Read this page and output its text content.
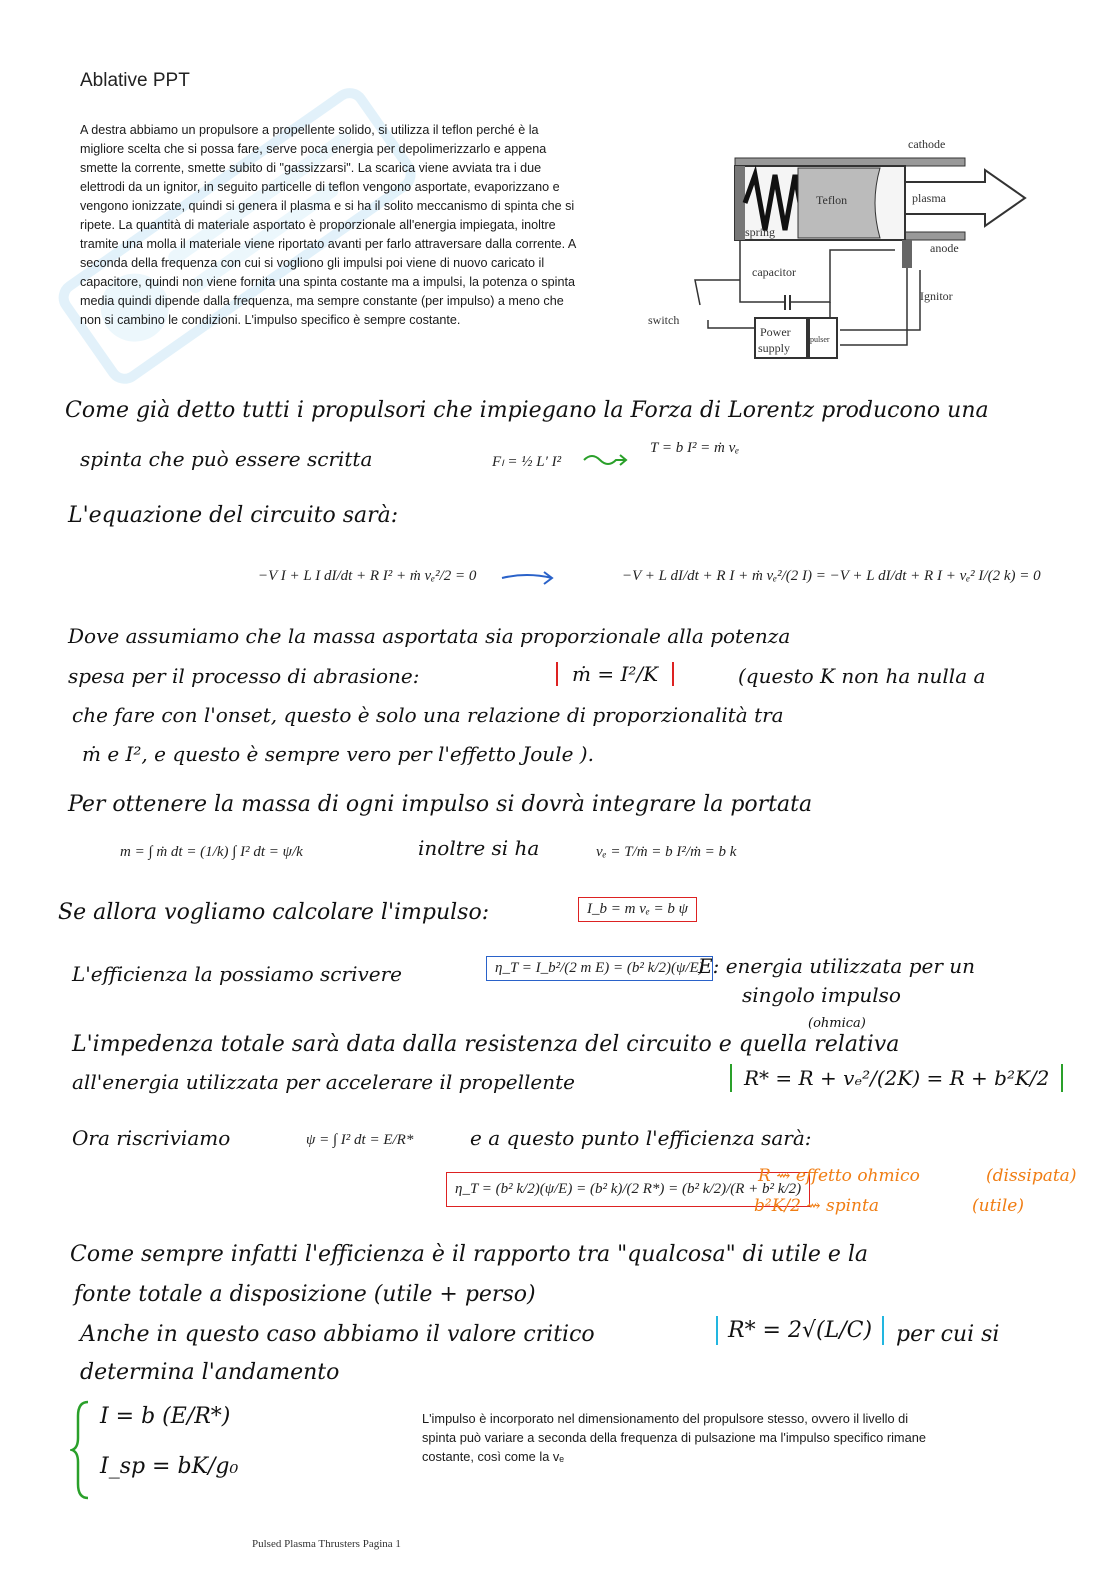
Ablative PPT
A destra abbiamo un propulsore a propellente solido, si utilizza il teflon perché è la migliore scelta che si possa fare, serve poca energia per depolimerizzarlo e appena smette la corrente, smette subito di "gassizzarsi". La scarica viene avviata tra i due elettrodi da un ignitor, in seguito particelle di teflon vengono asportate, evaporizzano e vengono ionizzate, quindi si genera il plasma e si ha il solito meccanismo di spinta che si ripete. La quantità di materiale asportato è proporzionale all'energia impiegata, inoltre tramite una molla il materiale viene riportato avanti per farlo attraversare dalla corrente. A seconda della frequenza con cui si vogliono gli impulsi poi viene di nuovo caricato il capacitore, quindi non viene fornita una spinta costante ma a impulsi, la potenza o spinta media quindi dipende dalla frequenza, ma sempre constante (per impulso) a meno che non si cambino le condizioni. L'impulso specifico è sempre costante.
cathode
Teflon	plasma
spring
anode
capacitor
Ignitor
switch
Power
supply
pulser
Come già detto tutti i propulsori che impiegano la Forza di Lorentz producono una
spinta che può essere scritta	Fₗ = ½ L′ I²
T = b I² = ṁ vₑ
L'equazione del circuito sarà:
−V I + L I dI/dt + R I² + ṁ vₑ²/2 = 0	−V + L dI/dt + R I + ṁ vₑ²/(2 I) = −V + L dI/dt + R I + vₑ² I/(2 k) = 0
Dove assumiamo che la massa asportata sia proporzionale alla potenza
spesa per il processo di abrasione:	ṁ = I²/K	(questo K non ha nulla a
che fare con l'onset, questo è solo una relazione di proporzionalità tra
ṁ e I², e questo è sempre vero per l'effetto Joule ).
Per ottenere la massa di ogni impulso si dovrà integrare la portata
m = ∫ ṁ dt = (1/k) ∫ I² dt = ψ/k	inoltre si ha	vₑ = T/ṁ = b I²/ṁ = b k
Se allora vogliamo calcolare l'impulso:	I_b = m vₑ = b ψ
L'efficienza la possiamo scrivere	η_T = I_b²/(2 m E) = (b² k/2)(ψ/E)
E: energia utilizzata per un
singolo impulso
(ohmica)
L'impedenza totale sarà data dalla resistenza del circuito e quella relativa
all'energia utilizzata per accelerare il propellente	R* = R + vₑ²/(2K) = R + b²K/2
Ora riscriviamo	ψ = ∫ I² dt = E/R*	e a questo punto l'efficienza sarà:
η_T = (b² k/2)(ψ/E) = (b² k)/(2 R*) = (b² k/2)/(R + b² k/2)
R ⇝ effetto ohmico	(dissipata)
b²K/2 ⇝ spinta	(utile)
Come sempre infatti l'efficienza è il rapporto tra "qualcosa" di utile e la
fonte totale a disposizione (utile + perso)
Anche in questo caso abbiamo il valore critico	R* = 2√(L/C)	per cui si
determina l'andamento
I = b (E/R*)
I_sp = bK/g₀
L'impulso è incorporato nel dimensionamento del propulsore stesso, ovvero il livello di spinta può variare a seconda della frequenza di pulsazione ma l'impulso specifico rimane costante, così come la vₑ
Pulsed Plasma Thrusters Pagina 1
